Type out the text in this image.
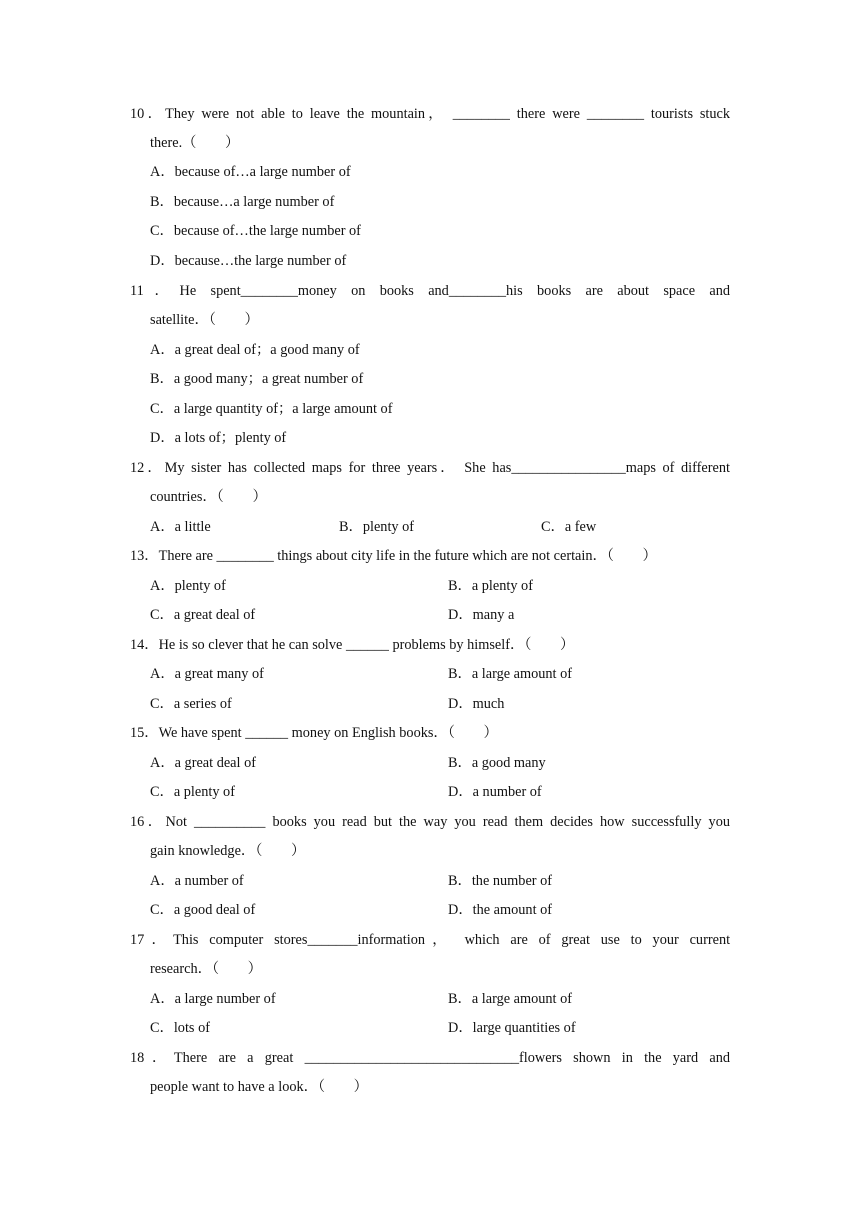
10．They were not able to leave the mountain， ________ there were ________ tourists stuck
there.（　　）
A．because of…a large number of
B．because…a large number of
C．because of…the large number of
D．because…the large number of
11．He spent________money on books and________his books are about space and
satellite．（　　）
A．a great deal of；a good many of
B．a good many；a great number of
C．a large quantity of；a large amount of
D．a lots of；plenty of
12．My sister has collected maps for three years． She has________________maps of different
countries．（　　）
A．a little	B．plenty of	C．a few
13．There are ________ things about city life in the future which are not certain．（　　）
A．plenty of	B．a plenty of
C．a great deal of	D．many a
14．He is so clever that he can solve ______ problems by himself．（　　）
A．a great many of	B．a large amount of
C．a series of	D．much
15．We have spent ______ money on English books．（　　）
A．a great deal of	B．a good many
C．a plenty of	D．a number of
16．Not __________ books you read but the way you read them decides how successfully you
gain knowledge．（　　）
A．a number of	B．the number of
C．a good deal of	D．the amount of
17．This computer stores_______information， which are of great use to your current
research．（　　）
A．a large number of	B．a large amount of
C．lots of	D．large quantities of
18．There are a great ______________________________flowers shown in the yard and
people want to have a look．（　　）
